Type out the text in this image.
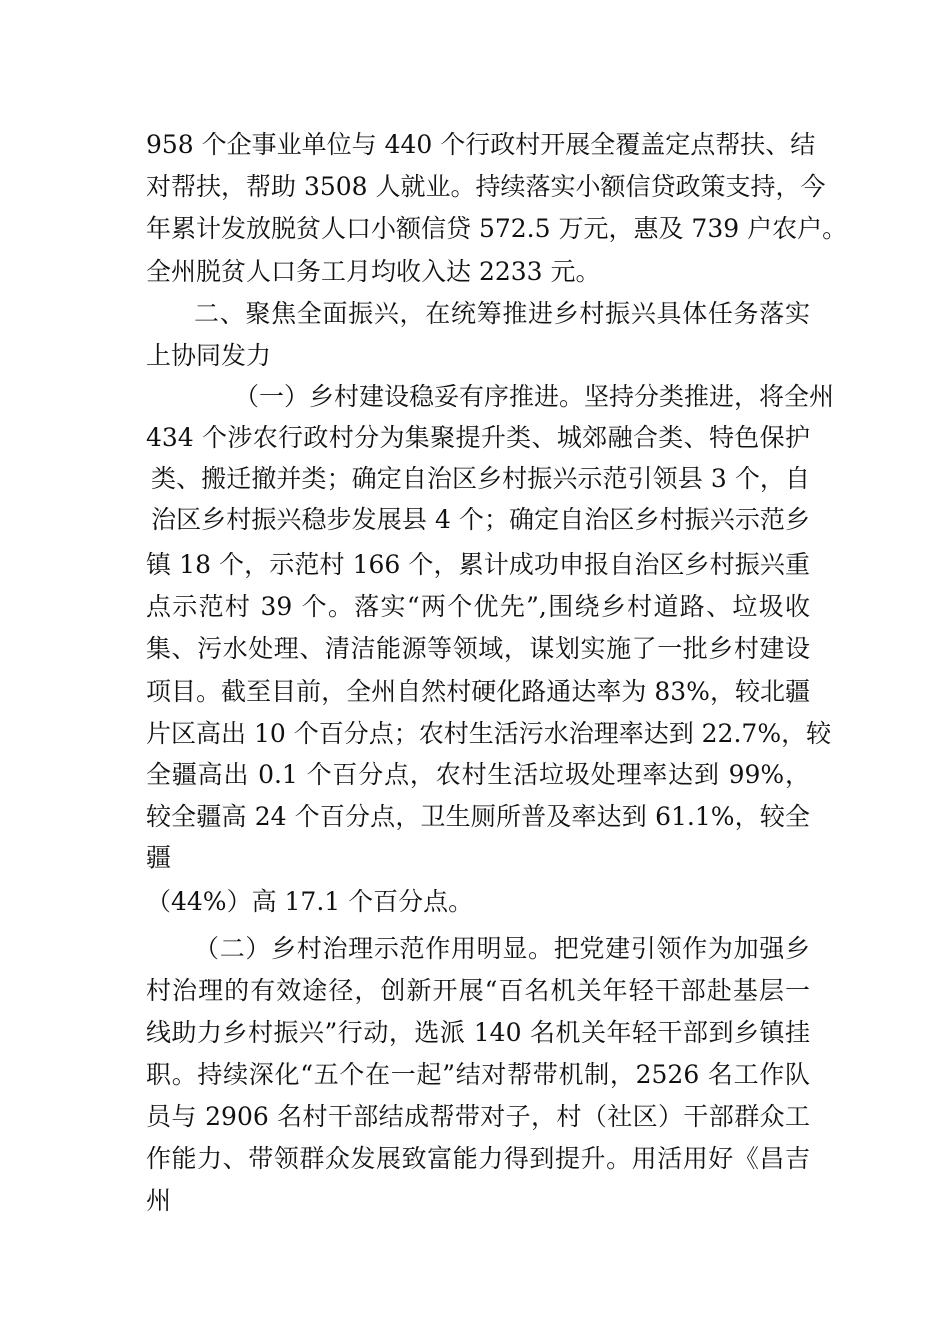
958 个企事业单位与 440 个行政村开展全覆盖定点帮扶、结
对帮扶，帮助 3508 人就业。持续落实小额信贷政策支持，今
年累计发放脱贫人口小额信贷 572.5 万元，惠及 739 户农户。
全州脱贫人口务工月均收入达 2233 元。
二、聚焦全面振兴，在统筹推进乡村振兴具体任务落实
上协同发力
（一）乡村建设稳妥有序推进。坚持分类推进，将全州
434 个涉农行政村分为集聚提升类、城郊融合类、特色保护
类、搬迁撤并类；确定自治区乡村振兴示范引领县 3 个，自
治区乡村振兴稳步发展县 4 个；确定自治区乡村振兴示范乡
镇 18 个，示范村 166 个，累计成功申报自治区乡村振兴重
点示范村 39 个。落实“两个优先”,围绕乡村道路、垃圾收
集、污水处理、清洁能源等领域，谋划实施了一批乡村建设
项目。截至目前，全州自然村硬化路通达率为 83%，较北疆
片区高出 10 个百分点；农村生活污水治理率达到 22.7%，较
全疆高出 0.1 个百分点，农村生活垃圾处理率达到 99%，
较全疆高 24 个百分点，卫生厕所普及率达到 61.1%，较全
疆
（44%）高 17.1 个百分点。
（二）乡村治理示范作用明显。把党建引领作为加强乡
村治理的有效途径，创新开展“百名机关年轻干部赴基层一
线助力乡村振兴”行动，选派 140 名机关年轻干部到乡镇挂
职。持续深化“五个在一起”结对帮带机制，2526 名工作队
员与 2906 名村干部结成帮带对子，村（社区）干部群众工
作能力、带领群众发展致富能力得到提升。用活用好《昌吉
州
